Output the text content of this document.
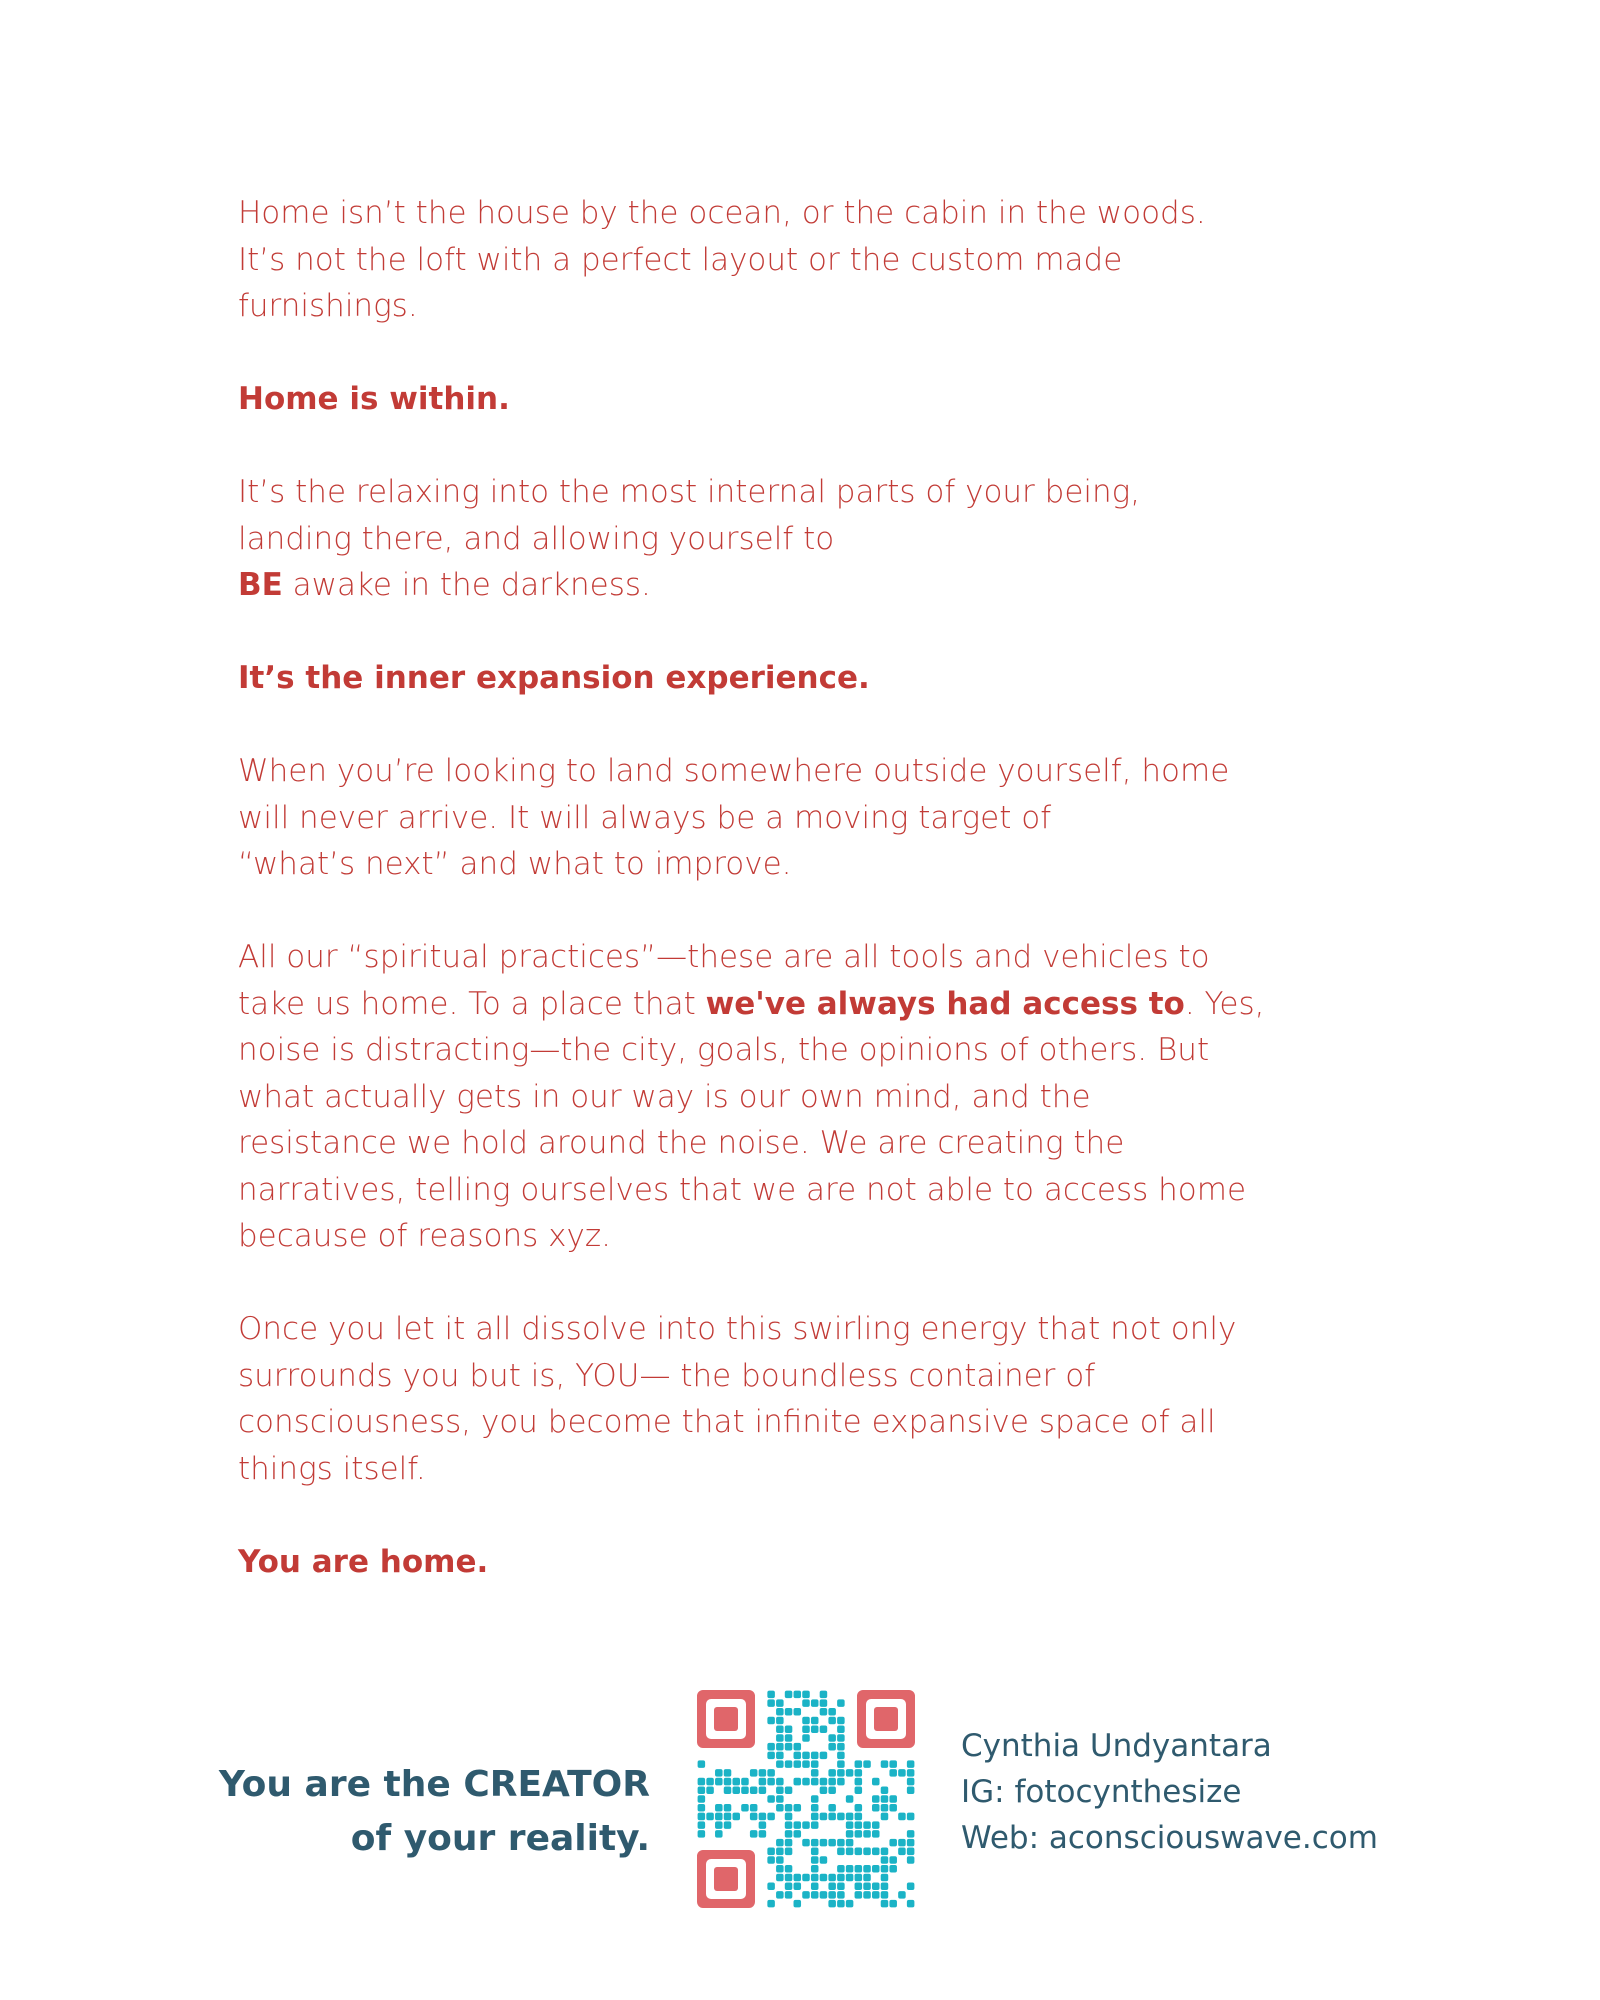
Home isn’t the house by the ocean, or the cabin in the woods.
It’s not the loft with a perfect layout or the custom made
furnishings.

Home is within.

It’s the relaxing into the most internal parts of your being,
landing there, and allowing yourself to
BE awake in the darkness.

It’s the inner expansion experience.

When you’re looking to land somewhere outside yourself, home
will never arrive. It will always be a moving target of
“what’s next” and what to improve.

All our “spiritual practices”—these are all tools and vehicles to
take us home. To a place that we've always had access to. Yes,
noise is distracting—the city, goals, the opinions of others. But
what actually gets in our way is our own mind, and the
resistance we hold around the noise. We are creating the
narratives, telling ourselves that we are not able to access home
because of reasons xyz.

Once you let it all dissolve into this swirling energy that not only
surrounds you but is, YOU— the boundless container of
consciousness, you become that infinite expansive space of all
things itself.

You are home.

You are the CREATOR
of your reality.
Cynthia Undyantara
IG: fotocynthesize
Web: aconsciouswave.com
